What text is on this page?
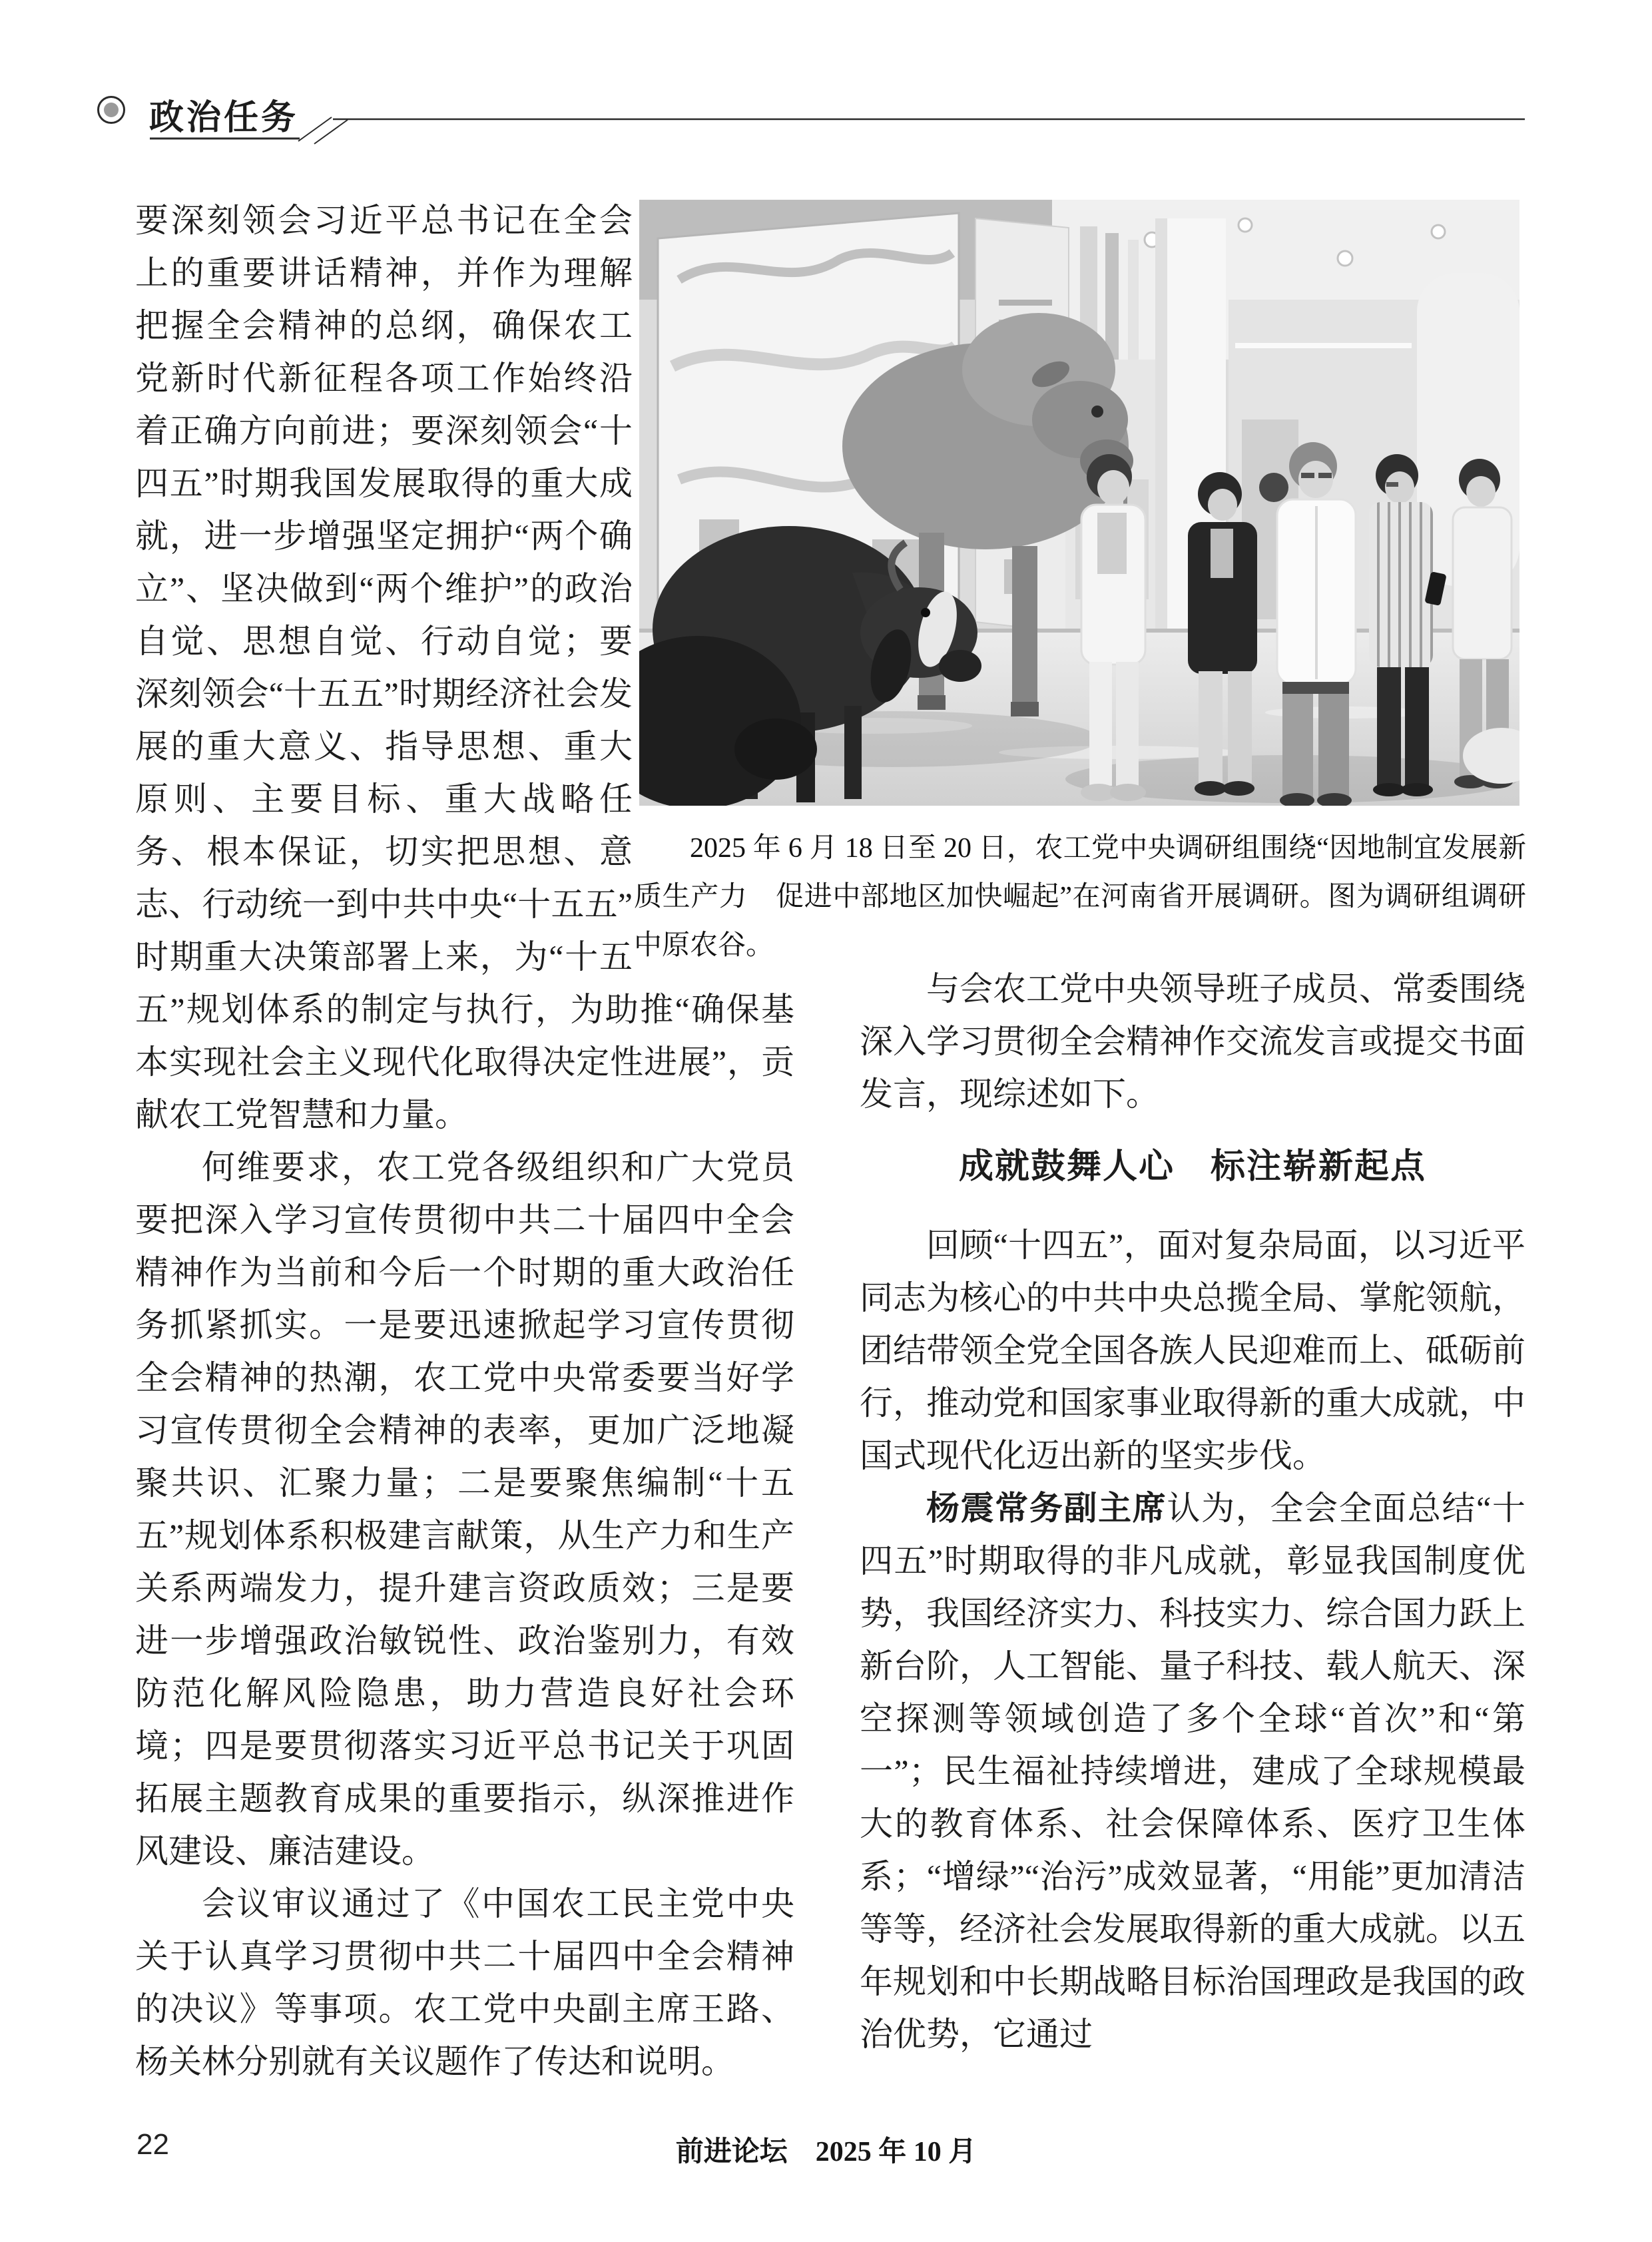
政治任务
2025 年 6 月 18 日至 20 日，农工党中央调研组围绕“因地制宜发展新质生产力　促进中部地区加快崛起”在河南省开展调研。图为调研组调研中原农谷。

要深刻领会习近平总书记在全会上的重要讲话精神，并作为理解把握全会精神的总纲，确保农工党新时代新征程各项工作始终沿着正确方向前进；要深刻领会“十四五”时期我国发展取得的重大成就，进一步增强坚定拥护“两个确立”、坚决做到“两个维护”的政治自觉、思想自觉、行动自觉；要深刻领会“十五五”时期经济社会发展的重大意义、指导思想、重大原则、主要目标、重大战略任务、根本保证，切实把思想、意志、行动统一到中共中央“十五五”时期重大决策部署上来，为“十五五”规划体系的制定与执行，为助推“确保基本实现社会主义现代化取得决定性进展”，贡献农工党智慧和力量。

何维要求，农工党各级组织和广大党员要把深入学习宣传贯彻中共二十届四中全会精神作为当前和今后一个时期的重大政治任务抓紧抓实。一是要迅速掀起学习宣传贯彻全会精神的热潮，农工党中央常委要当好学习宣传贯彻全会精神的表率，更加广泛地凝聚共识、汇聚力量；二是要聚焦编制“十五五”规划体系积极建言献策，从生产力和生产关系两端发力，提升建言资政质效；三是要进一步增强政治敏锐性、政治鉴别力，有效防范化解风险隐患，助力营造良好社会环境；四是要贯彻落实习近平总书记关于巩固拓展主题教育成果的重要指示，纵深推进作风建设、廉洁建设。

会议审议通过了《中国农工民主党中央关于认真学习贯彻中共二十届四中全会精神的决议》等事项。农工党中央副主席王路、杨关林分别就有关议题作了传达和说明。

与会农工党中央领导班子成员、常委围绕深入学习贯彻全会精神作交流发言或提交书面发言，现综述如下。

成就鼓舞人心　标注崭新起点

回顾“十四五”，面对复杂局面，以习近平同志为核心的中共中央总揽全局、掌舵领航，团结带领全党全国各族人民迎难而上、砥砺前行，推动党和国家事业取得新的重大成就，中国式现代化迈出新的坚实步伐。

杨震常务副主席认为，全会全面总结“十四五”时期取得的非凡成就，彰显我国制度优势，我国经济实力、科技实力、综合国力跃上新台阶，人工智能、量子科技、载人航天、深空探测等领域创造了多个全球“首次”和“第一”；民生福祉持续增进，建成了全球规模最大的教育体系、社会保障体系、医疗卫生体系；“增绿”“治污”成效显著，“用能”更加清洁等等，经济社会发展取得新的重大成就。以五年规划和中长期战略目标治国理政是我国的政治优势，它通过

22	前进论坛　2025 年 10 月
